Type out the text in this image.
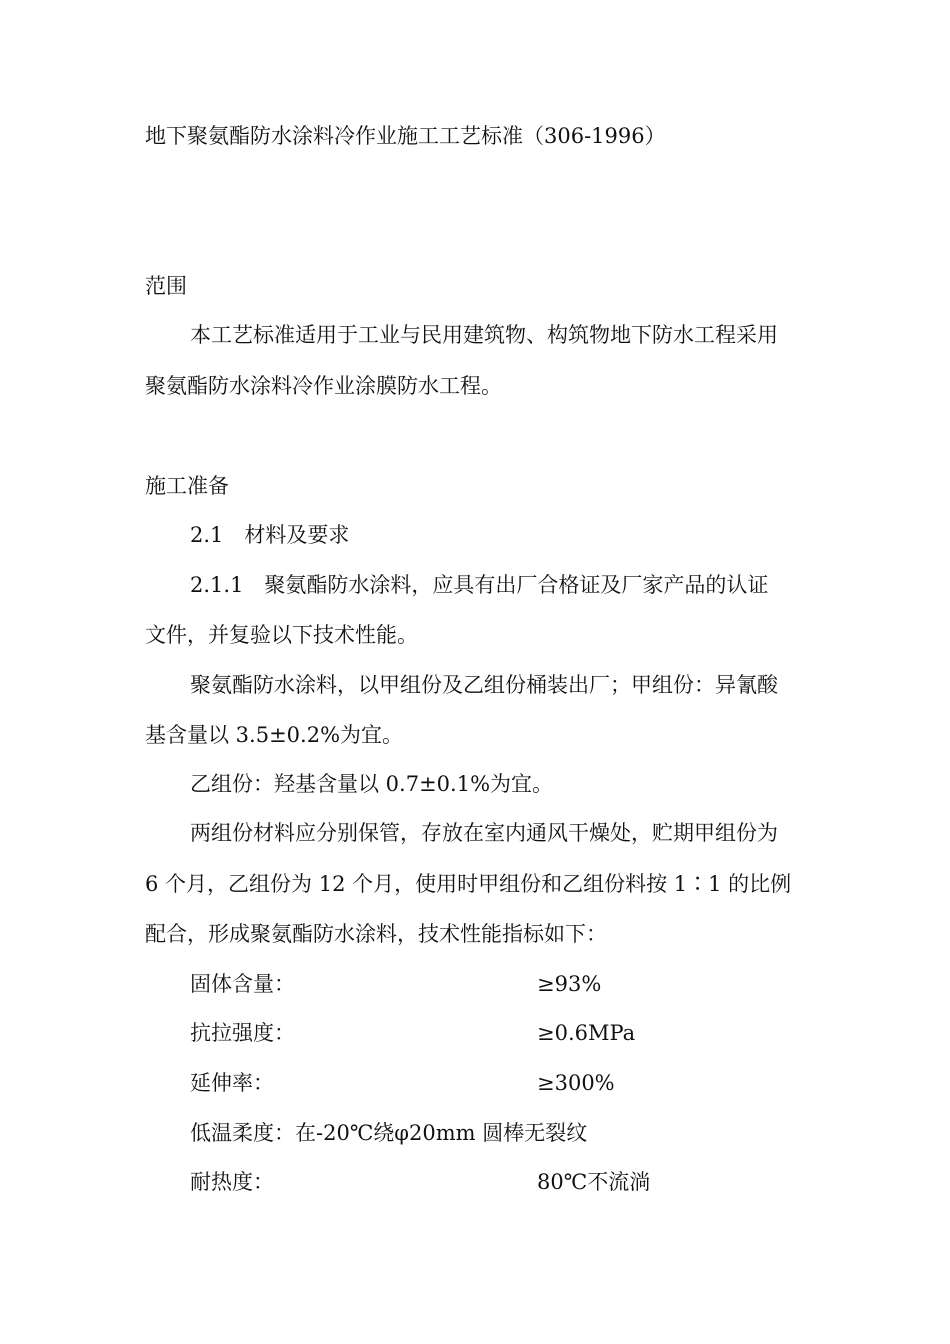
地下聚氨酯防水涂料冷作业施工工艺标准（306-1996）
范围
本工艺标准适用于工业与民用建筑物、构筑物地下防水工程采用
聚氨酯防水涂料冷作业涂膜防水工程。
施工准备
2.1　材料及要求
2.1.1　聚氨酯防水涂料，应具有出厂合格证及厂家产品的认证
文件，并复验以下技术性能。
聚氨酯防水涂料，以甲组份及乙组份桶装出厂；甲组份：异氰酸
基含量以 3.5±0.2%为宜。
乙组份：羟基含量以 0.7±0.1%为宜。
两组份材料应分别保管，存放在室内通风干燥处，贮期甲组份为
6 个月，乙组份为 12 个月，使用时甲组份和乙组份料按 1∶1 的比例
配合，形成聚氨酯防水涂料，技术性能指标如下：
固体含量：	≥93%
抗拉强度：	≥0.6MPa
延伸率：	≥300%
低温柔度：在-20℃绕φ20mm 圆棒无裂纹
耐热度：	80℃不流淌
